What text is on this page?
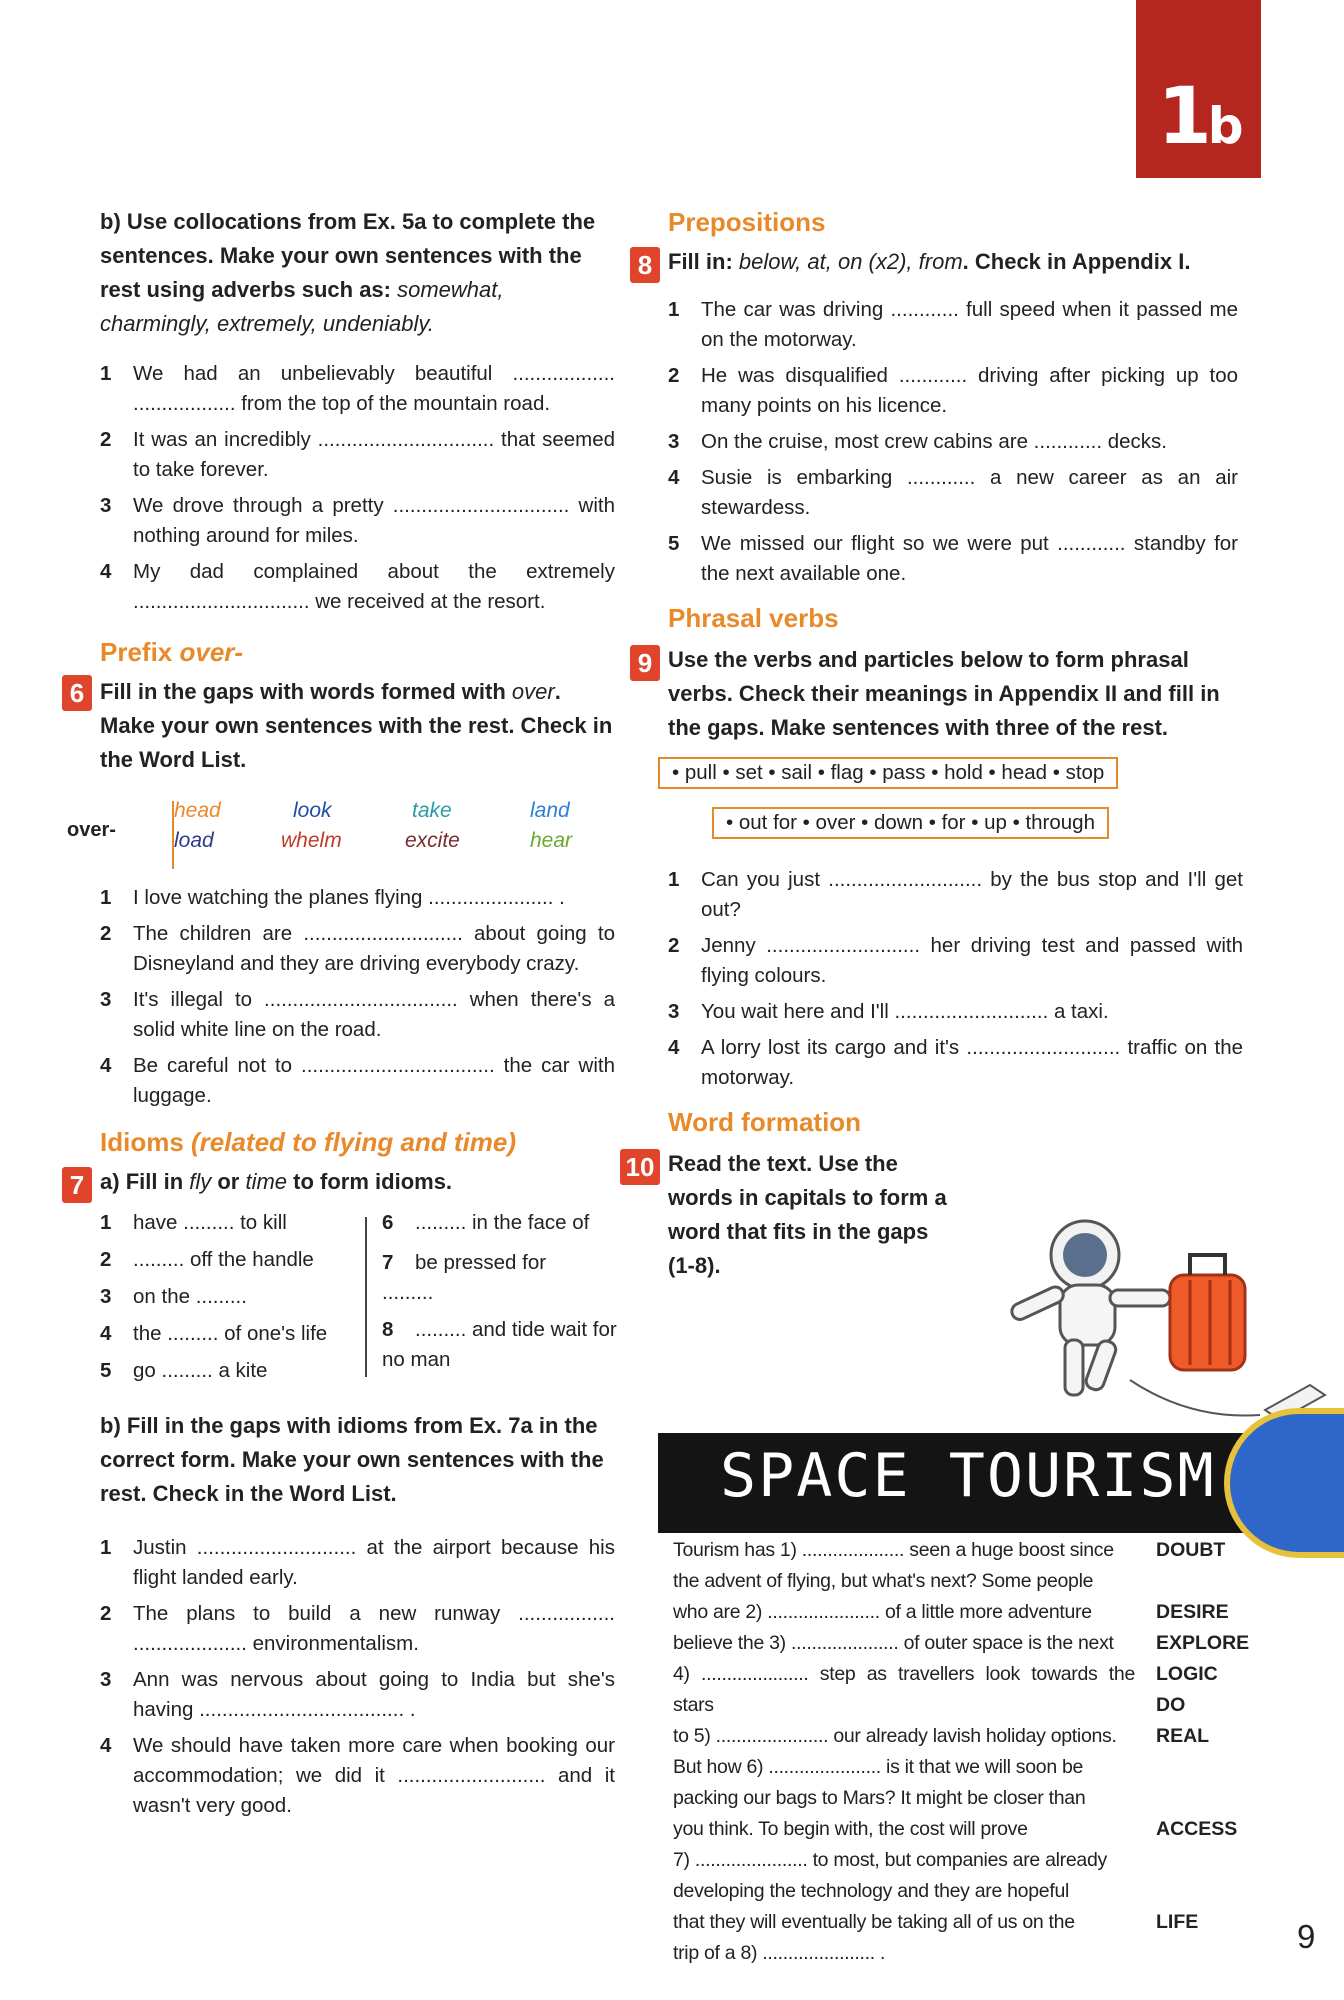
1b
b) Use collocations from Ex. 5a to complete the sentences. Make your own sentences with the rest using adverbs such as: somewhat, charmingly, extremely, undeniably.
1 We had an unbelievably beautiful .................. .................. from the top of the mountain road.
2 It was an incredibly ............................... that seemed to take forever.
3 We drove through a pretty ............................... with nothing around for miles.
4 My dad complained about the extremely ............................... we received at the resort.
Prefix over-
6 Fill in the gaps with words formed with over. Make your own sentences with the rest. Check in the Word List.
over-
head	look	take	land
load	whelm	excite	hear
1 I love watching the planes flying ...................... .
2 The children are ............................ about going to Disneyland and they are driving everybody crazy.
3 It's illegal to .................................. when there's a solid white line on the road.
4 Be careful not to .................................. the car with luggage.
Idioms (related to flying and time)
7 a) Fill in fly or time to form idioms.
1 have ......... to kill
2 ......... off the handle
3 on the .........
4 the ......... of one's life
5 go ......... a kite
6 ......... in the face of
7 be pressed for .........
8 ......... and tide wait for no man
b) Fill in the gaps with idioms from Ex. 7a in the correct form. Make your own sentences with the rest. Check in the Word List.
1 Justin ............................ at the airport because his flight landed early.
2 The plans to build a new runway ................. .................... environmentalism.
3 Ann was nervous about going to India but she's having .................................... .
4 We should have taken more care when booking our accommodation; we did it .......................... and it wasn't very good.
Prepositions
8 Fill in: below, at, on (x2), from. Check in Appendix I.
1 The car was driving ............ full speed when it passed me on the motorway.
2 He was disqualified ............ driving after picking up too many points on his licence.
3 On the cruise, most crew cabins are ............ decks.
4 Susie is embarking ............ a new career as an air stewardess.
5 We missed our flight so we were put ............ standby for the next available one.
Phrasal verbs
9 Use the verbs and particles below to form phrasal verbs. Check their meanings in Appendix II and fill in the gaps. Make sentences with three of the rest.
• pull • set • sail • flag • pass • hold • head • stop
• out for • over • down • for • up • through
1 Can you just ........................... by the bus stop and I'll get out?
2 Jenny ........................... her driving test and passed with flying colours.
3 You wait here and I'll ........................... a taxi.
4 A lorry lost its cargo and it's ........................... traffic on the motorway.
Word formation
10 Read the text. Use the words in capitals to form a word that fits in the gaps (1-8).
SPACE TOURISM
Tourism has 1) .................... seen a huge boost since
the advent of flying, but what's next? Some people
who are 2) ...................... of a little more adventure
believe the 3) ..................... of outer space is the next
4) ..................... step as travellers look towards the stars
to 5) ...................... our already lavish holiday options.
But how 6) ...................... is it that we will soon be
packing our bags to Mars? It might be closer than
you think. To begin with, the cost will prove
7) ...................... to most, but companies are already
developing the technology and they are hopeful
that they will eventually be taking all of us on the
trip of a 8) ...................... .
DOUBT
DESIRE
EXPLORE
LOGIC
DO
REAL
ACCESS
LIFE	9
